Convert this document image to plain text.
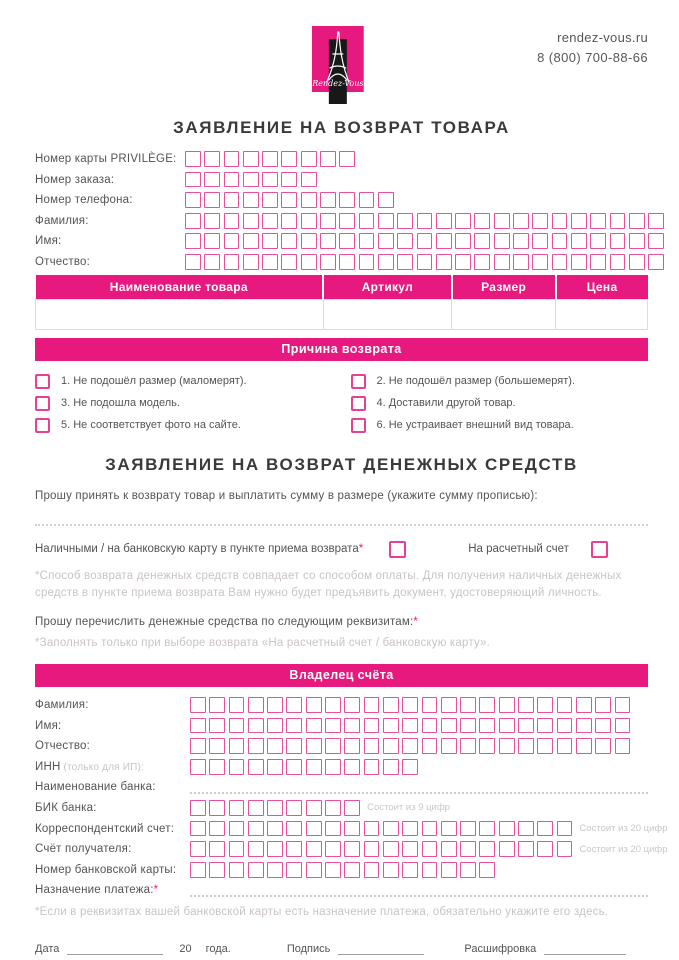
Rendez-Vous
rendez-vous.ru
8 (800) 700-88-66
ЗАЯВЛЕНИЕ НА ВОЗВРАТ ТОВАРА
Номер карты PRIVILÈGE:
Номер заказа:
Номер телефона:
Фамилия:
Имя:
Отчество:
Наименование товара	Артикул	Размер	Цена

Причина возврата
1. Не подошёл размер (маломерят).	2. Не подошёл размер (большемерят).
3. Не подошла модель.	4. Доставили другой товар.
5. Не соответствует фото на сайте.	6. Не устраивает внешний вид товара.
ЗАЯВЛЕНИЕ НА ВОЗВРАТ ДЕНЕЖНЫХ СРЕДСТВ
Прошу принять к возврату товар и выплатить сумму в размере (укажите сумму прописью):
Наличными / на банковскую карту в пункте приема возврата*	На расчетный счет
*Способ возврата денежных средств совпадает со способом оплаты. Для получения наличных денежных средств в пункте приема возврата Вам нужно будет предъявить документ, удостоверяющий личность.
Прошу перечислить денежные средства по следующим реквизитам:*
*Заполнять только при выборе возврата «На расчетный счет / банковскую карту».
Владелец счёта
Фамилия:
Имя:
Отчество:
ИНН (только для ИП):
Наименование банка:
БИК банка:	Состоит из 9 цифр
Корреспондентский счет:	Состоит из 20 цифр
Счёт получателя:	Состоит из 20 цифр
Номер банковской карты:
Назначение платежа:*
*Если в реквизитах вашей банковской карты есть назначение платежа, обязательно укажите его здесь.
Дата	20 года.	Подпись	Расшифровка
